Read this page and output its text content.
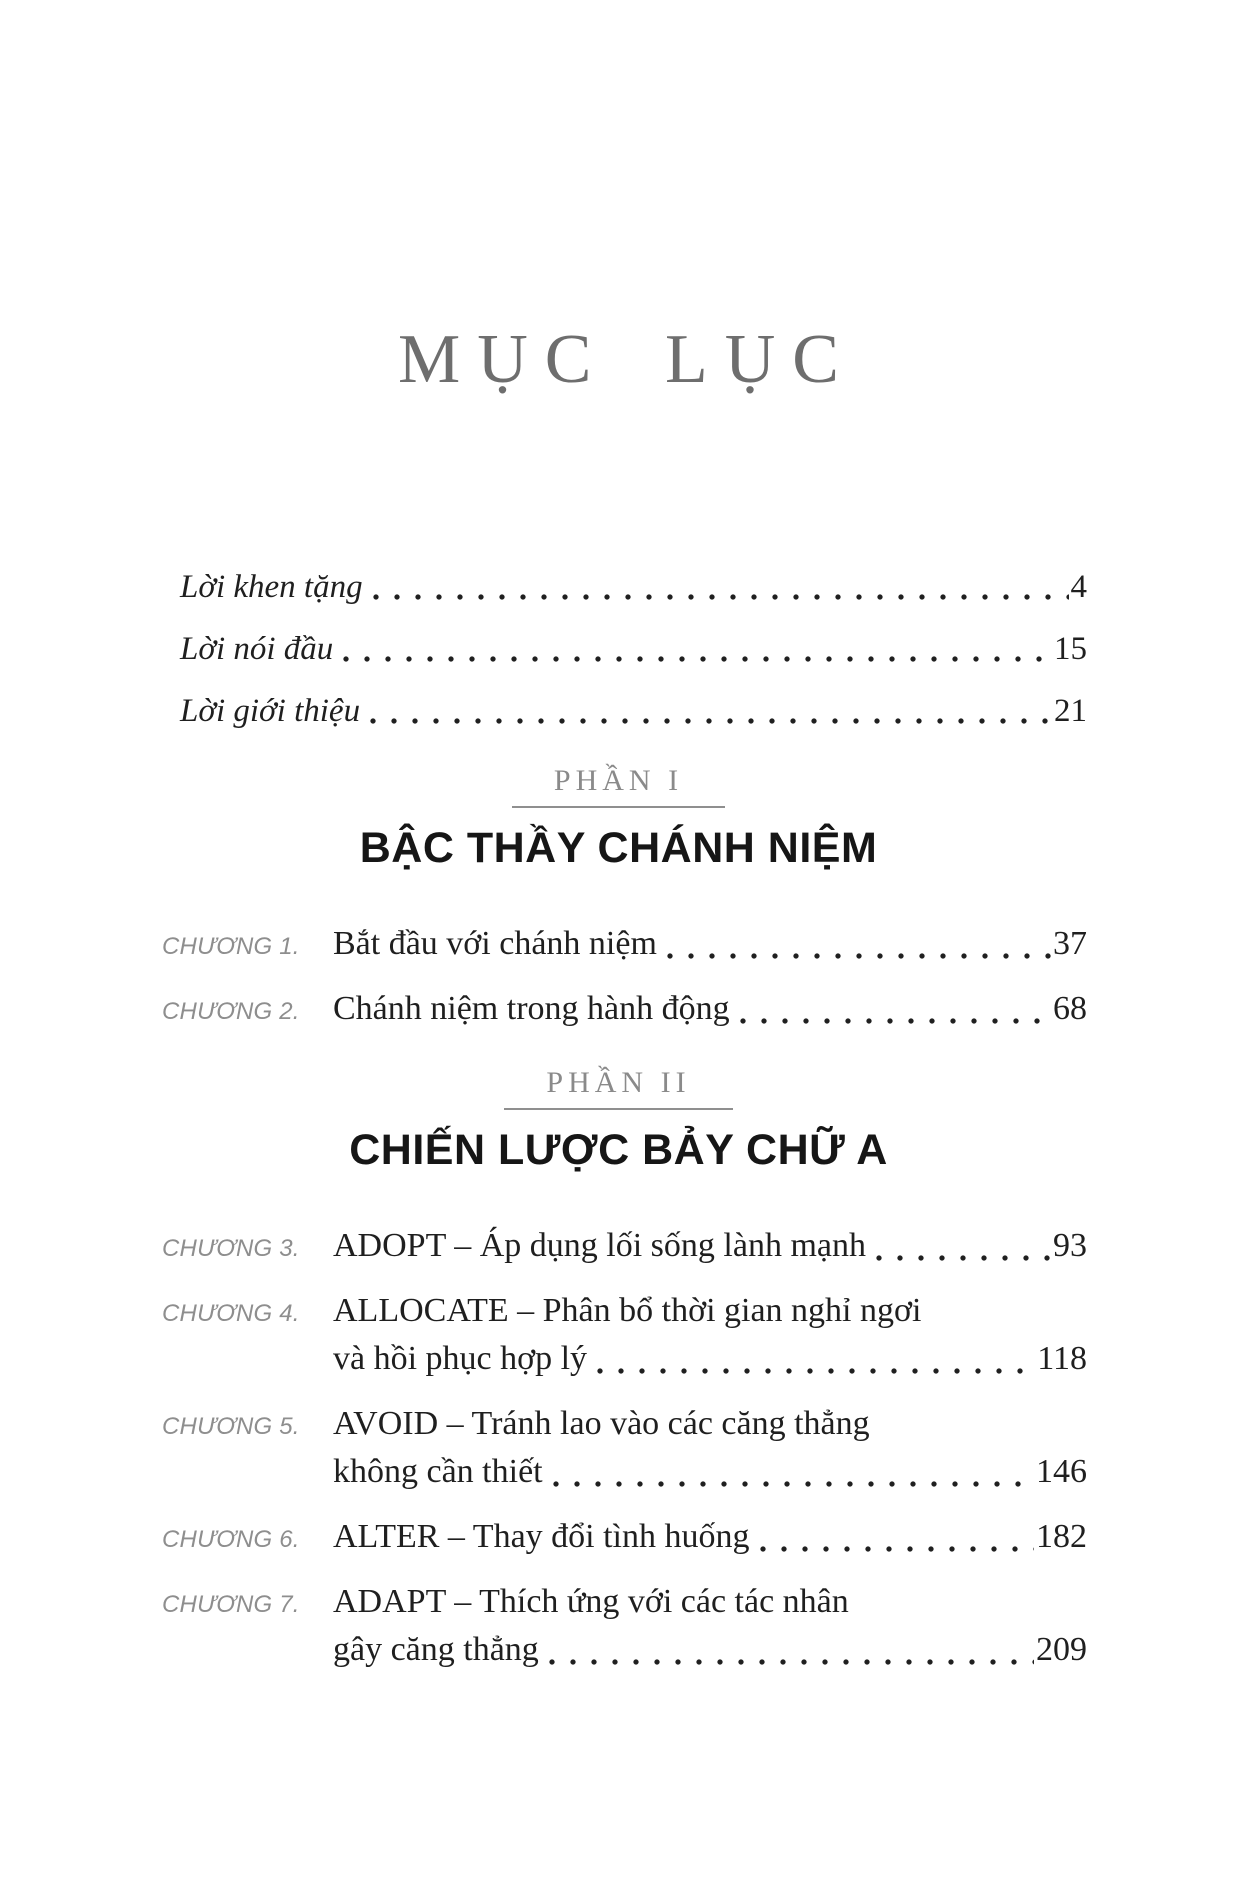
MỤC LỤC
Lời khen tặng	4
Lời nói đầu	15
Lời giới thiệu	21
PHẦN I
BẬC THẦY CHÁNH NIỆM
CHƯƠNG 1. Bắt đầu với chánh niệm	37
CHƯƠNG 2. Chánh niệm trong hành động	68
PHẦN II
CHIẾN LƯỢC BẢY CHỮ A
CHƯƠNG 3. ADOPT – Áp dụng lối sống lành mạnh	93
CHƯƠNG 4. ALLOCATE – Phân bổ thời gian nghỉ ngơi
và hồi phục hợp lý	118
CHƯƠNG 5. AVOID – Tránh lao vào các căng thẳng
không cần thiết	146
CHƯƠNG 6. ALTER – Thay đổi tình huống	182
CHƯƠNG 7. ADAPT – Thích ứng với các tác nhân
gây căng thẳng	209
